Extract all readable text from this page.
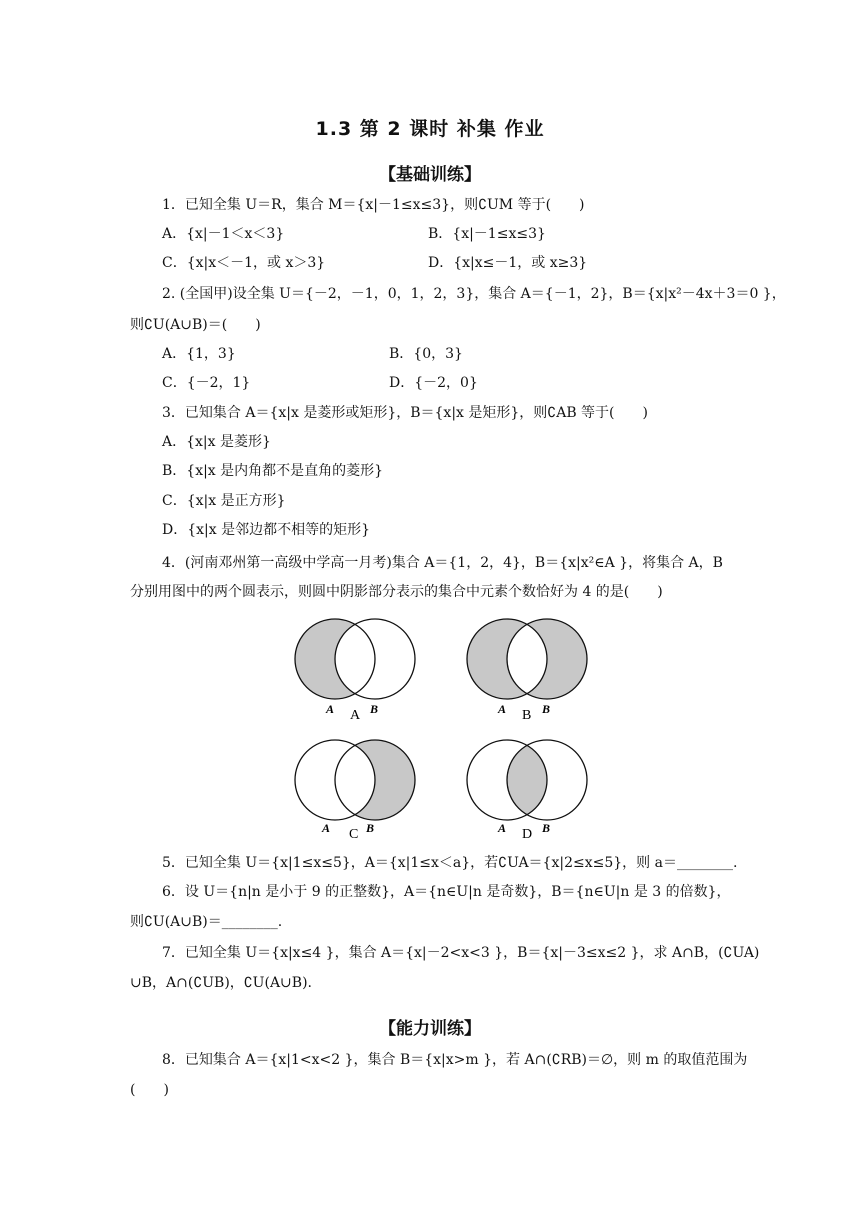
1.3 第 2 课时 补集 作业
【基础训练】
1．已知全集 U＝R，集合 M＝{x|－1≤x≤3}，则∁UM 等于(　　)
A．{x|－1＜x＜3}	B．{x|－1≤x≤3}
C．{x|x＜－1，或 x＞3}	D．{x|x≤－1，或 x≥3}
2. (全国甲)设全集 U＝{－2，－1，0，1，2，3}，集合 A＝{－1，2}，B＝{x|x²－4x＋3＝0 }，
则∁U(A∪B)＝(　　)
A．{1，3}	B．{0，3}
C．{－2，1}	D．{－2，0}
3．已知集合 A＝{x|x 是菱形或矩形}，B＝{x|x 是矩形}，则∁AB 等于(　　)
A．{x|x 是菱形}
B．{x|x 是内角都不是直角的菱形}
C．{x|x 是正方形}
D．{x|x 是邻边都不相等的矩形}
4．(河南邓州第一高级中学高一月考)集合 A＝{1，2，4}，B＝{x|x²∈A }，将集合 A，B
分别用图中的两个圆表示，则圆中阴影部分表示的集合中元素个数恰好为 4 的是(　　)
A	B
A	A	B
B
A	B
C	A	B
D
5．已知全集 U＝{x|1≤x≤5}，A＝{x|1≤x＜a}，若∁UA＝{x|2≤x≤5}，则 a＝________.
6．设 U＝{n|n 是小于 9 的正整数}，A＝{n∈U|n 是奇数}，B＝{n∈U|n 是 3 的倍数}，
则∁U(A∪B)＝________.
7．已知全集 U＝{x|x≤4 }，集合 A＝{x|－2<x<3 }，B＝{x|－3≤x≤2 }，求 A∩B，(∁UA)
∪B，A∩(∁UB)，∁U(A∪B).
【能力训练】
8．已知集合 A＝{x|1<x<2 }，集合 B＝{x|x>m }，若 A∩(∁RB)＝∅，则 m 的取值范围为
(　　)
